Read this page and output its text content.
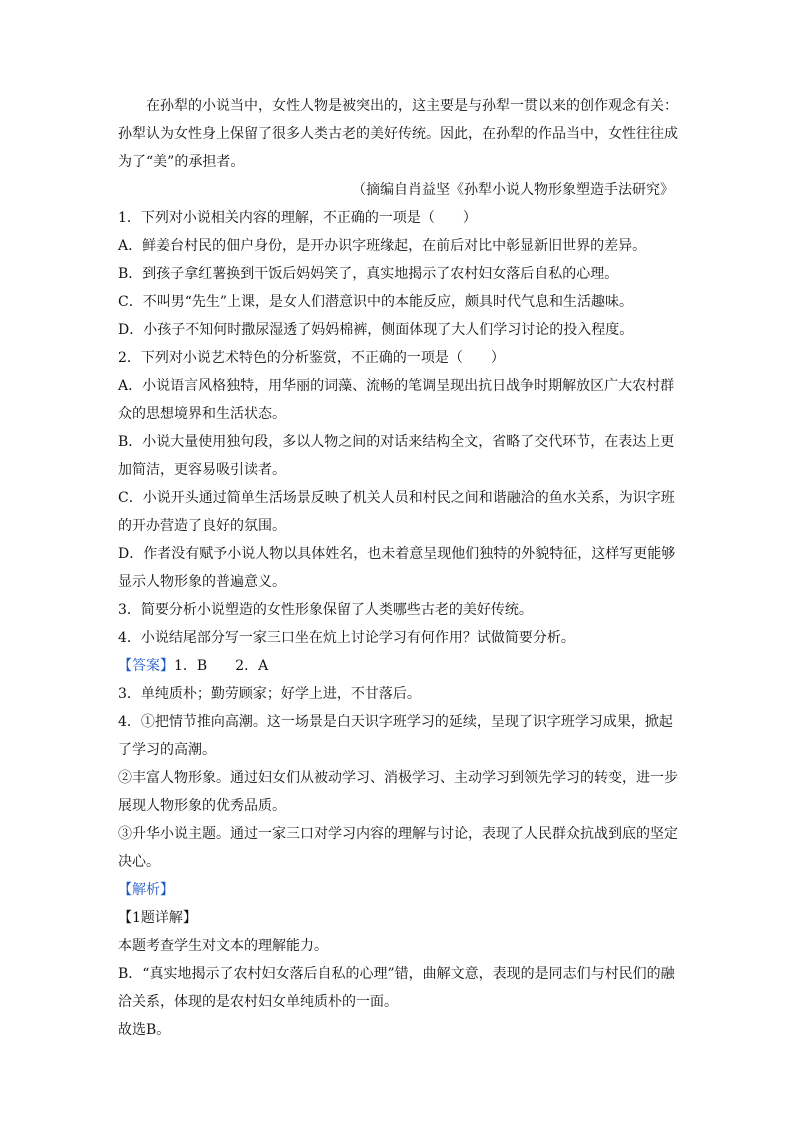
在孙犁的小说当中，女性人物是被突出的，这主要是与孙犁一贯以来的创作观念有关：孙犁认为女性身上保留了很多人类古老的美好传统。因此，在孙犁的作品当中，女性往往成为了“美”的承担者。

（摘编自肖益坚《孙犁小说人物形象塑造手法研究》

1．下列对小说相关内容的理解，不正确的一项是（　　）

A．鲜姜台村民的佃户身份，是开办识字班缘起，在前后对比中彰显新旧世界的差异。

B．到孩子拿红薯换到干饭后妈妈笑了，真实地揭示了农村妇女落后自私的心理。

C．不叫男“先生”上课，是女人们潜意识中的本能反应，颇具时代气息和生活趣味。

D．小孩子不知何时撒尿湿透了妈妈棉裤，侧面体现了大人们学习讨论的投入程度。

2．下列对小说艺术特色的分析鉴赏，不正确的一项是（　　）

A．小说语言风格独特，用华丽的词藻、流畅的笔调呈现出抗日战争时期解放区广大农村群众的思想境界和生活状态。

B．小说大量使用独句段，多以人物之间的对话来结构全文，省略了交代环节，在表达上更加简洁，更容易吸引读者。

C．小说开头通过简单生活场景反映了机关人员和村民之间和谐融洽的鱼水关系，为识字班的开办营造了良好的氛围。

D．作者没有赋予小说人物以具体姓名，也未着意呈现他们独特的外貌特征，这样写更能够显示人物形象的普遍意义。

3．简要分析小说塑造的女性形象保留了人类哪些古老的美好传统。

4．小说结尾部分写一家三口坐在炕上讨论学习有何作用？试做简要分析。

【答案】1．B　　2．A

3．单纯质朴；勤劳顾家；好学上进，不甘落后。

4．①把情节推向高潮。这一场景是白天识字班学习的延续，呈现了识字班学习成果，掀起了学习的高潮。

②丰富人物形象。通过妇女们从被动学习、消极学习、主动学习到领先学习的转变，进一步展现人物形象的优秀品质。

③升华小说主题。通过一家三口对学习内容的理解与讨论，表现了人民群众抗战到底的坚定决心。

【解析】

【1题详解】

本题考查学生对文本的理解能力。

B．“真实地揭示了农村妇女落后自私的心理”错，曲解文意，表现的是同志们与村民们的融洽关系，体现的是农村妇女单纯质朴的一面。

故选B。
